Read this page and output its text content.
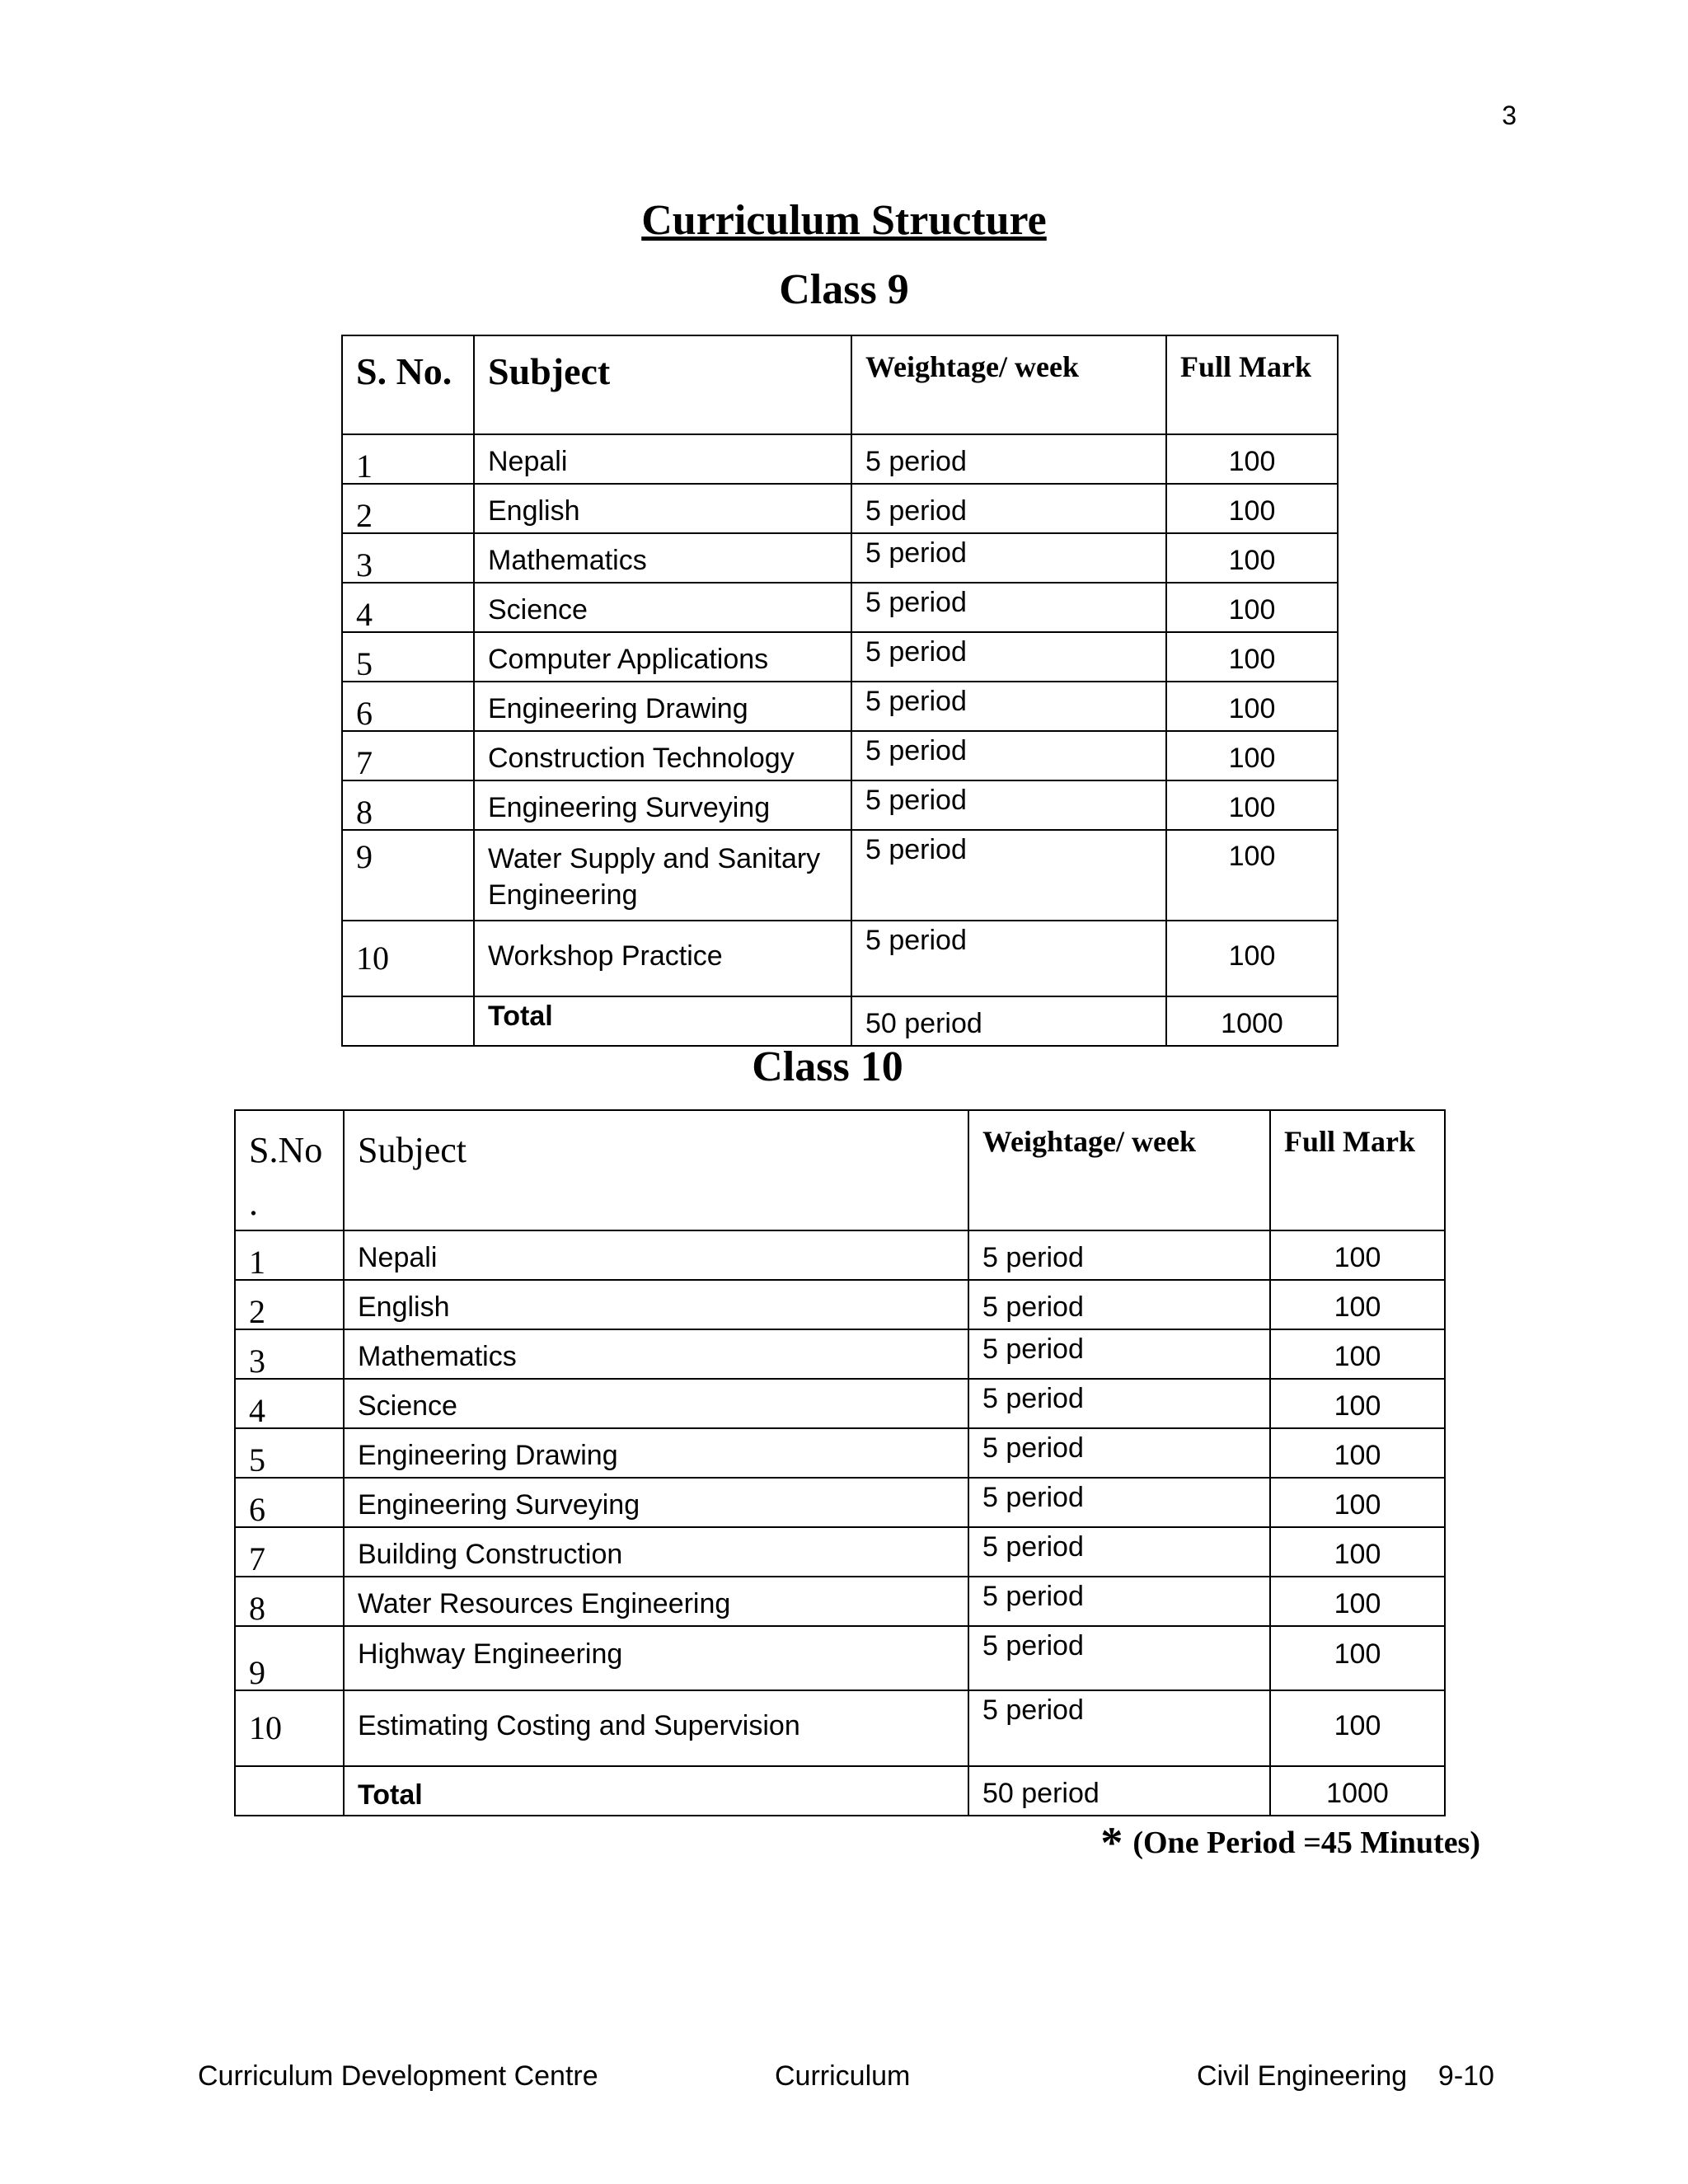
3
Curriculum Structure
Class 9
S. No.	Subject	Weightage/ week	Full Mark
1	Nepali	5 period	100
2	English	5 period	100
3	Mathematics	5 period	100
4	Science	5 period	100
5	Computer Applications	5 period	100
6	Engineering Drawing	5 period	100
7	Construction Technology	5 period	100
8	Engineering Surveying	5 period	100
9	Water Supply and Sanitary Engineering	5 period	100
10	Workshop Practice	5 period	100
	Total	50 period	1000
Class 10
S.No .	Subject	Weightage/ week	Full Mark
1	Nepali	5 period	100
2	English	5 period	100
3	Mathematics	5 period	100
4	Science	5 period	100
5	Engineering Drawing	5 period	100
6	Engineering Surveying	5 period	100
7	Building Construction	5 period	100
8	Water Resources Engineering	5 period	100
9	Highway Engineering	5 period	100
10	Estimating Costing and Supervision	5 period	100
	Total	50 period	1000
* (One Period =45 Minutes)
Curriculum Development Centre	Curriculum	Civil Engineering    9-10
